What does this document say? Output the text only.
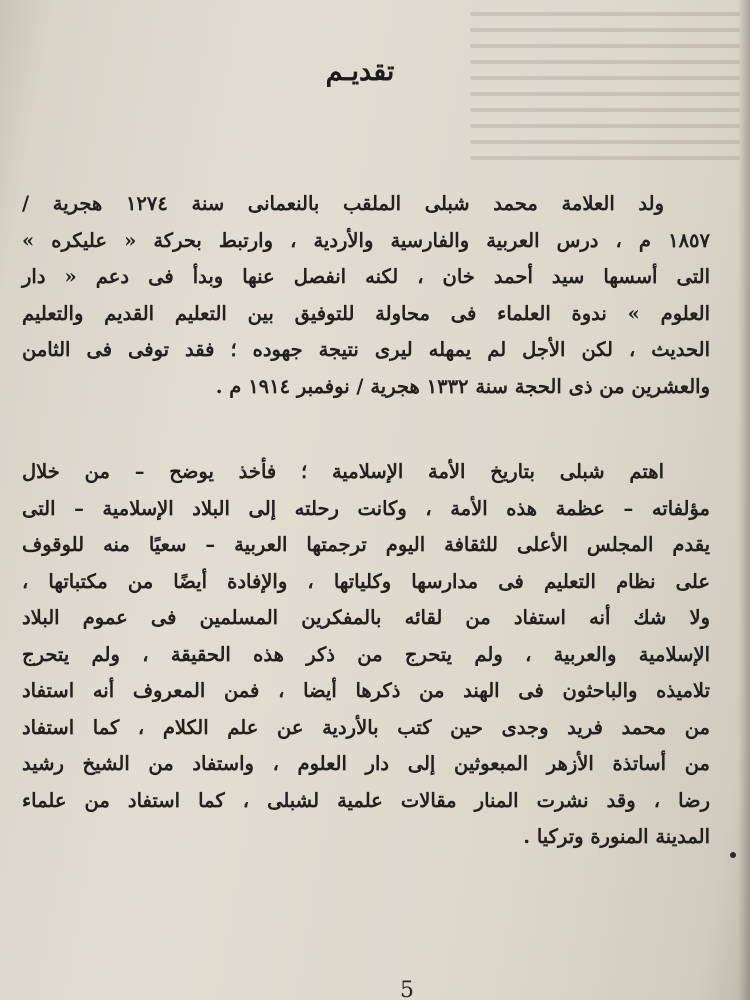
تقديـم
ولد العلامة محمد شبلى الملقب بالنعمانى سنة ١٢٧٤ هجرية /
١٨٥٧ م ، درس العربية والفارسية والأردية ، وارتبط بحركة « عليكره »
التى أسسها سيد أحمد خان ، لكنه انفصل عنها وبدأ فى دعم « دار
العلوم » ندوة العلماء فى محاولة للتوفيق بين التعليم القديم والتعليم
الحديث ، لكن الأجل لم يمهله ليرى نتيجة جهوده ؛ فقد توفى فى الثامن
والعشرين من ذى الحجة سنة ١٣٣٢ هجرية / نوفمبر ١٩١٤ م .
اهتم شبلى بتاريخ الأمة الإسلامية ؛ فأخذ يوضح – من خلال
مؤلفاته – عظمة هذه الأمة ، وكانت رحلته إلى البلاد الإسلامية – التى
يقدم المجلس الأعلى للثقافة اليوم ترجمتها العربية – سعيًا منه للوقوف
على نظام التعليم فى مدارسها وكلياتها ، والإفادة أيضًا من مكتباتها ،
ولا شك أنه استفاد من لقائه بالمفكرين المسلمين فى عموم البلاد
الإسلامية والعربية ، ولم يتحرج من ذكر هذه الحقيقة ، ولم يتحرج
تلاميذه والباحثون فى الهند من ذكرها أيضا ، فمن المعروف أنه استفاد
من محمد فريد وجدى حين كتب بالأردية عن علم الكلام ، كما استفاد
من أساتذة الأزهر المبعوثين إلى دار العلوم ، واستفاد من الشيخ رشيد
رضا ، وقد نشرت المنار مقالات علمية لشبلى ، كما استفاد من علماء
المدينة المنورة وتركيا .
5
